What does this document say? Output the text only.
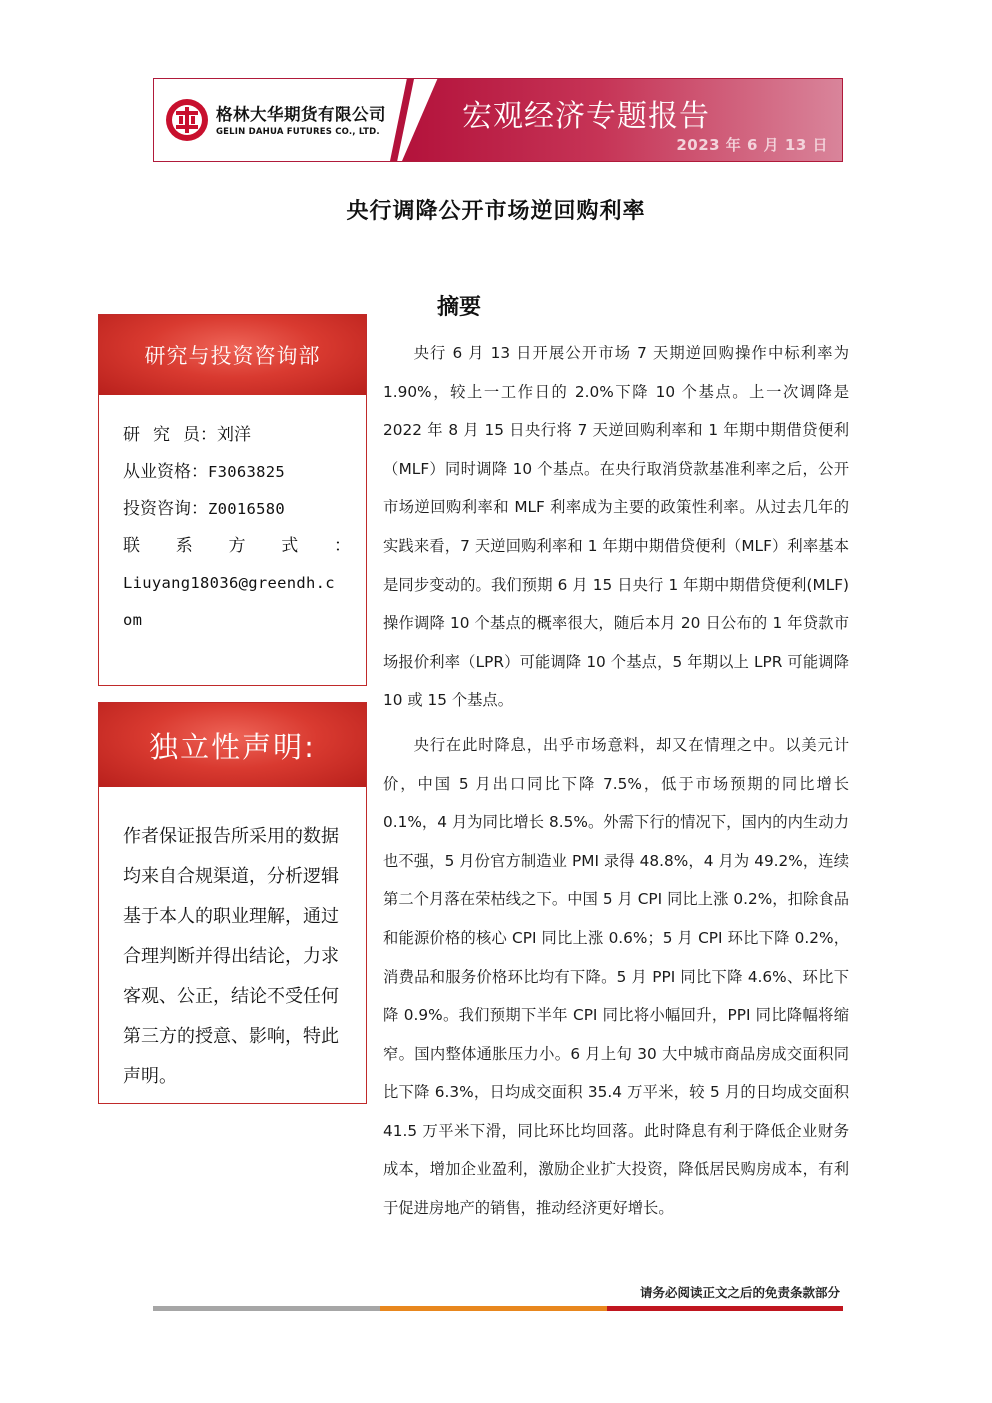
格林大华期货有限公司
GELIN DAHUA FUTURES CO., LTD.	宏观经济专题报告
2023 年 6 月 13 日
央行调降公开市场逆回购利率
摘要
研究与投资咨询部
研 究 员： 刘洋
从业资格：F3063825
投资咨询：Z0016580
联 系 方 式 ：
Liuyang18036@greendh.c
om
独立性声明:
作者保证报告所采用的数据均来自合规渠道，分析逻辑基于本人的职业理解，通过合理判断并得出结论，力求客观、公正，结论不受任何第三方的授意、影响，特此声明。

央行 6 月 13 日开展公开市场 7 天期逆回购操作中标利率为 1.90%，较上一工作日的 2.0%下降 10 个基点。上一次调降是 2022 年 8 月 15 日央行将 7 天逆回购利率和 1 年期中期借贷便利（MLF）同时调降 10 个基点。在央行取消贷款基准利率之后，公开市场逆回购利率和 MLF 利率成为主要的政策性利率。从过去几年的实践来看，7 天逆回购利率和 1 年期中期借贷便利（MLF）利率基本是同步变动的。我们预期 6 月 15 日央行 1 年期中期借贷便利(MLF)操作调降 10 个基点的概率很大，随后本月 20 日公布的 1 年贷款市场报价利率（LPR）可能调降 10 个基点，5 年期以上 LPR 可能调降 10 或 15 个基点。

央行在此时降息，出乎市场意料，却又在情理之中。以美元计价，中国 5 月出口同比下降 7.5%，低于市场预期的同比增长 0.1%，4 月为同比增长 8.5%。外需下行的情况下，国内的内生动力也不强，5 月份官方制造业 PMI 录得 48.8%，4 月为 49.2%，连续第二个月落在荣枯线之下。中国 5 月 CPI 同比上涨 0.2%，扣除食品和能源价格的核心 CPI 同比上涨 0.6%；5 月 CPI 环比下降 0.2%，消费品和服务价格环比均有下降。5 月 PPI 同比下降 4.6%、环比下降 0.9%。我们预期下半年 CPI 同比将小幅回升，PPI 同比降幅将缩窄。国内整体通胀压力小。6 月上旬 30 大中城市商品房成交面积同比下降 6.3%，日均成交面积 35.4 万平米，较 5 月的日均成交面积 41.5 万平米下滑，同比环比均回落。此时降息有利于降低企业财务成本，增加企业盈利，激励企业扩大投资，降低居民购房成本，有利于促进房地产的销售，推动经济更好增长。

请务必阅读正文之后的免责条款部分
